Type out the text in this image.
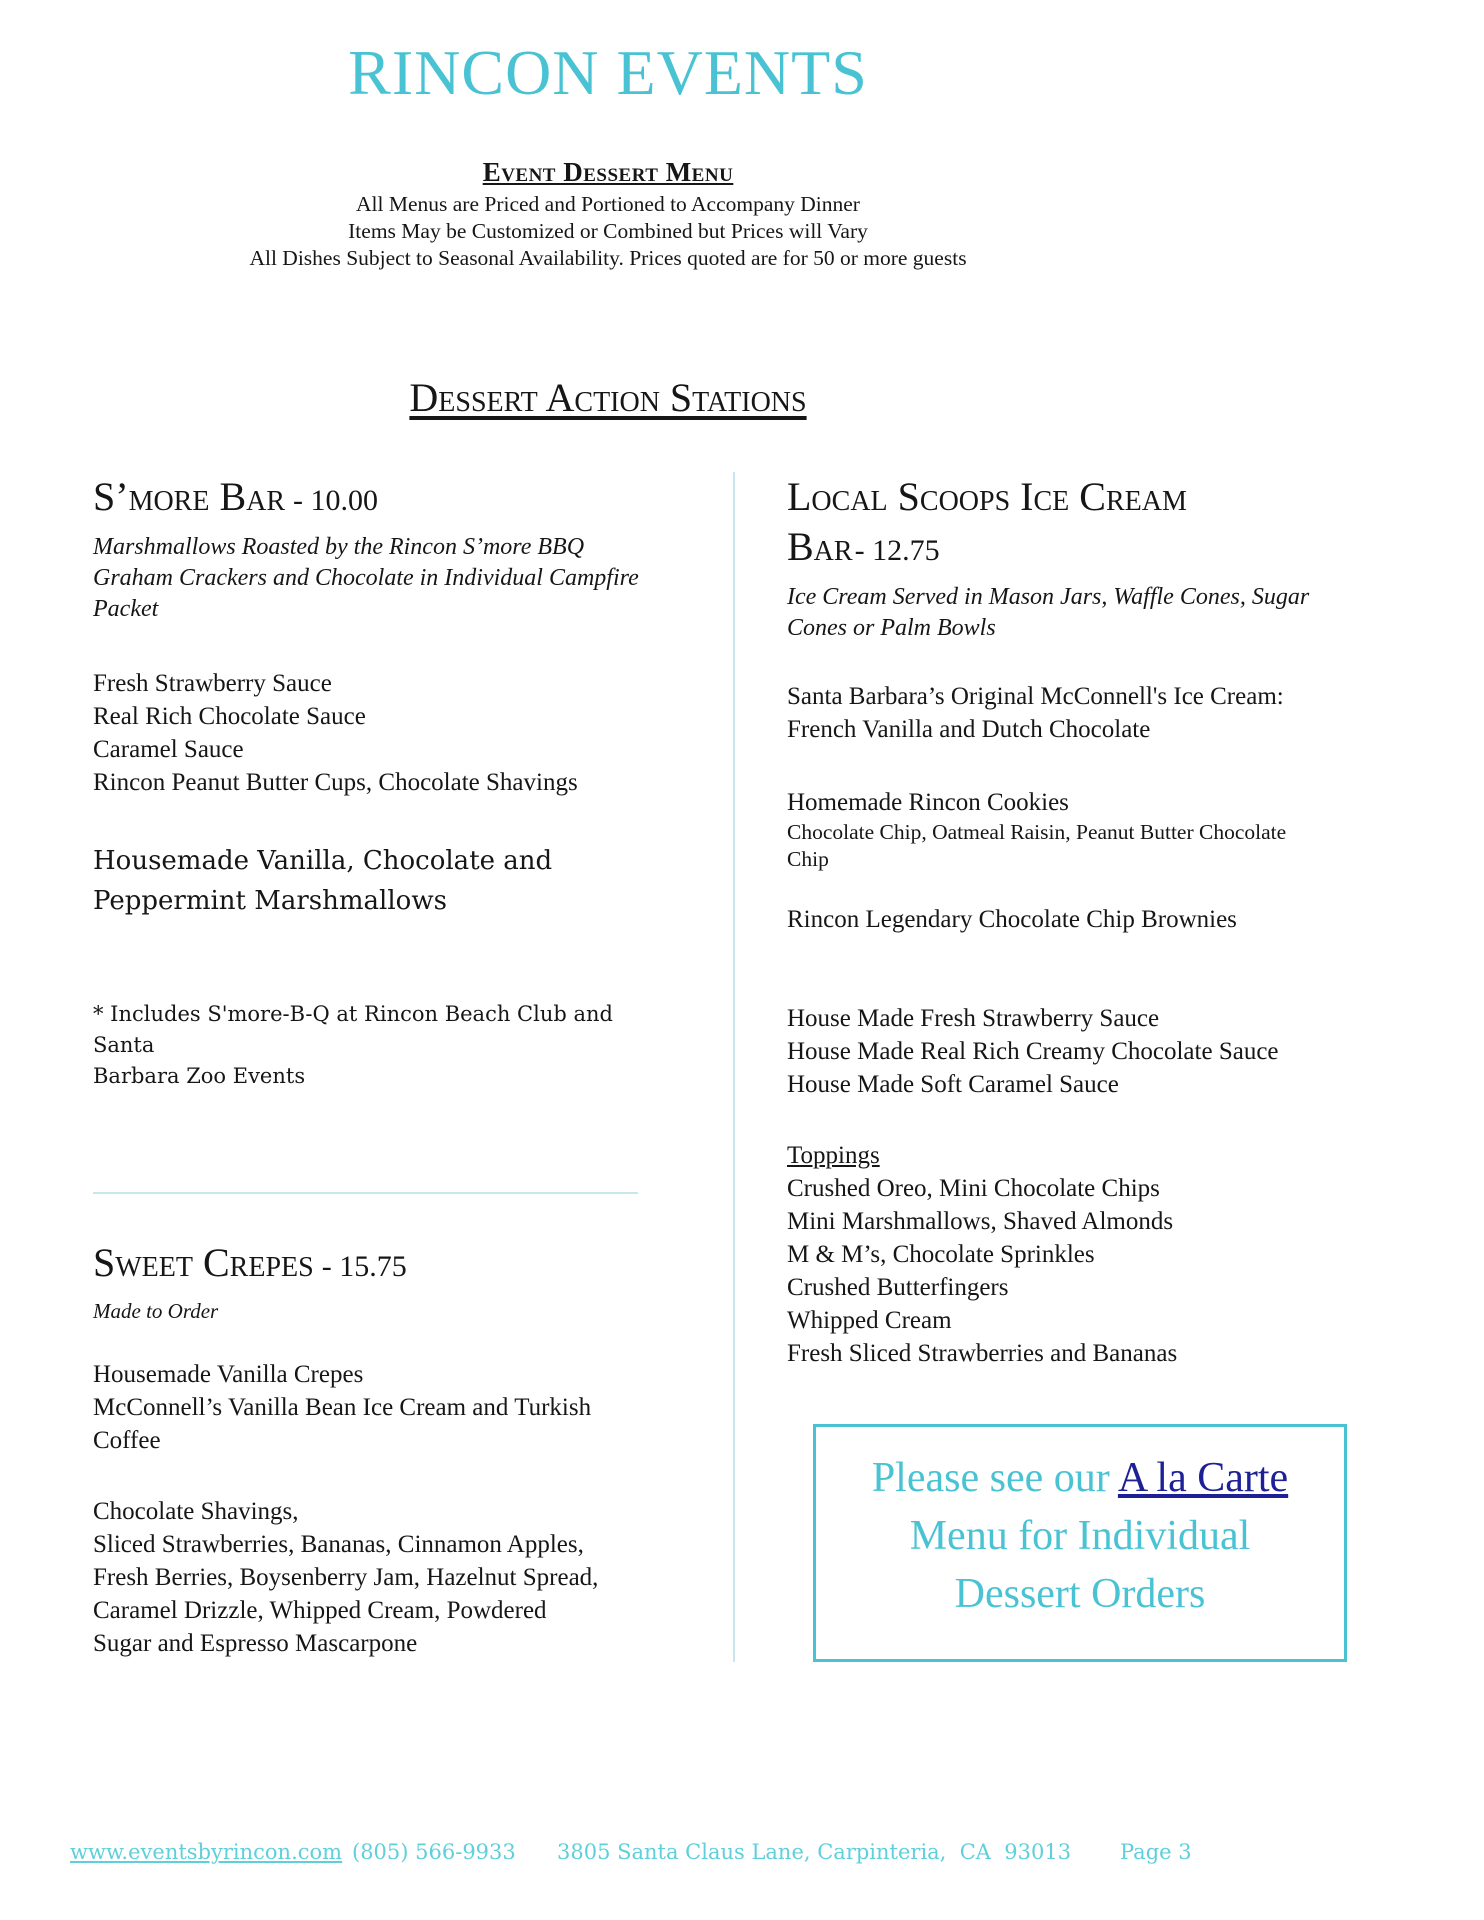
RINCON EVENTS
Event Dessert Menu
All Menus are Priced and Portioned to Accompany Dinner
Items May be Customized or Combined but Prices will Vary
All Dishes Subject to Seasonal Availability. Prices quoted are for 50 or more guests
Dessert Action Stations
S’more Bar - 10.00
Marshmallows Roasted by the Rincon S’more BBQ
Graham Crackers and Chocolate in Individual Campfire
Packet
Fresh Strawberry Sauce
Real Rich Chocolate Sauce
Caramel Sauce
Rincon Peanut Butter Cups, Chocolate Shavings
Housemade Vanilla, Chocolate and
Peppermint Marshmallows
* Includes S'more-B-Q at Rincon Beach Club and Santa
Barbara Zoo Events
Sweet Crepes - 15.75
Made to Order
Housemade Vanilla Crepes
McConnell’s Vanilla Bean Ice Cream and Turkish
Coffee
Chocolate Shavings,
Sliced Strawberries, Bananas, Cinnamon Apples,
Fresh Berries, Boysenberry Jam, Hazelnut Spread,
Caramel Drizzle, Whipped Cream, Powdered
Sugar and Espresso Mascarpone
Local Scoops Ice Cream
Bar- 12.75
Ice Cream Served in Mason Jars, Waffle Cones, Sugar
Cones or Palm Bowls
Santa Barbara’s Original McConnell's Ice Cream:
French Vanilla and Dutch Chocolate
Homemade Rincon Cookies
Chocolate Chip, Oatmeal Raisin, Peanut Butter Chocolate
Chip
Rincon Legendary Chocolate Chip Brownies
House Made Fresh Strawberry Sauce
House Made Real Rich Creamy Chocolate Sauce
House Made Soft Caramel Sauce
Toppings
Crushed Oreo, Mini Chocolate Chips
Mini Marshmallows, Shaved Almonds
M & M’s, Chocolate Sprinkles
Crushed Butterfingers
Whipped Cream
Fresh Sliced Strawberries and Bananas
Please see our A la Carte
Menu for Individual
Dessert Orders
www.eventsbyrincon.com (805) 566-9933 3805 Santa Claus Lane, Carpinteria,  CA  93013 Page 3
